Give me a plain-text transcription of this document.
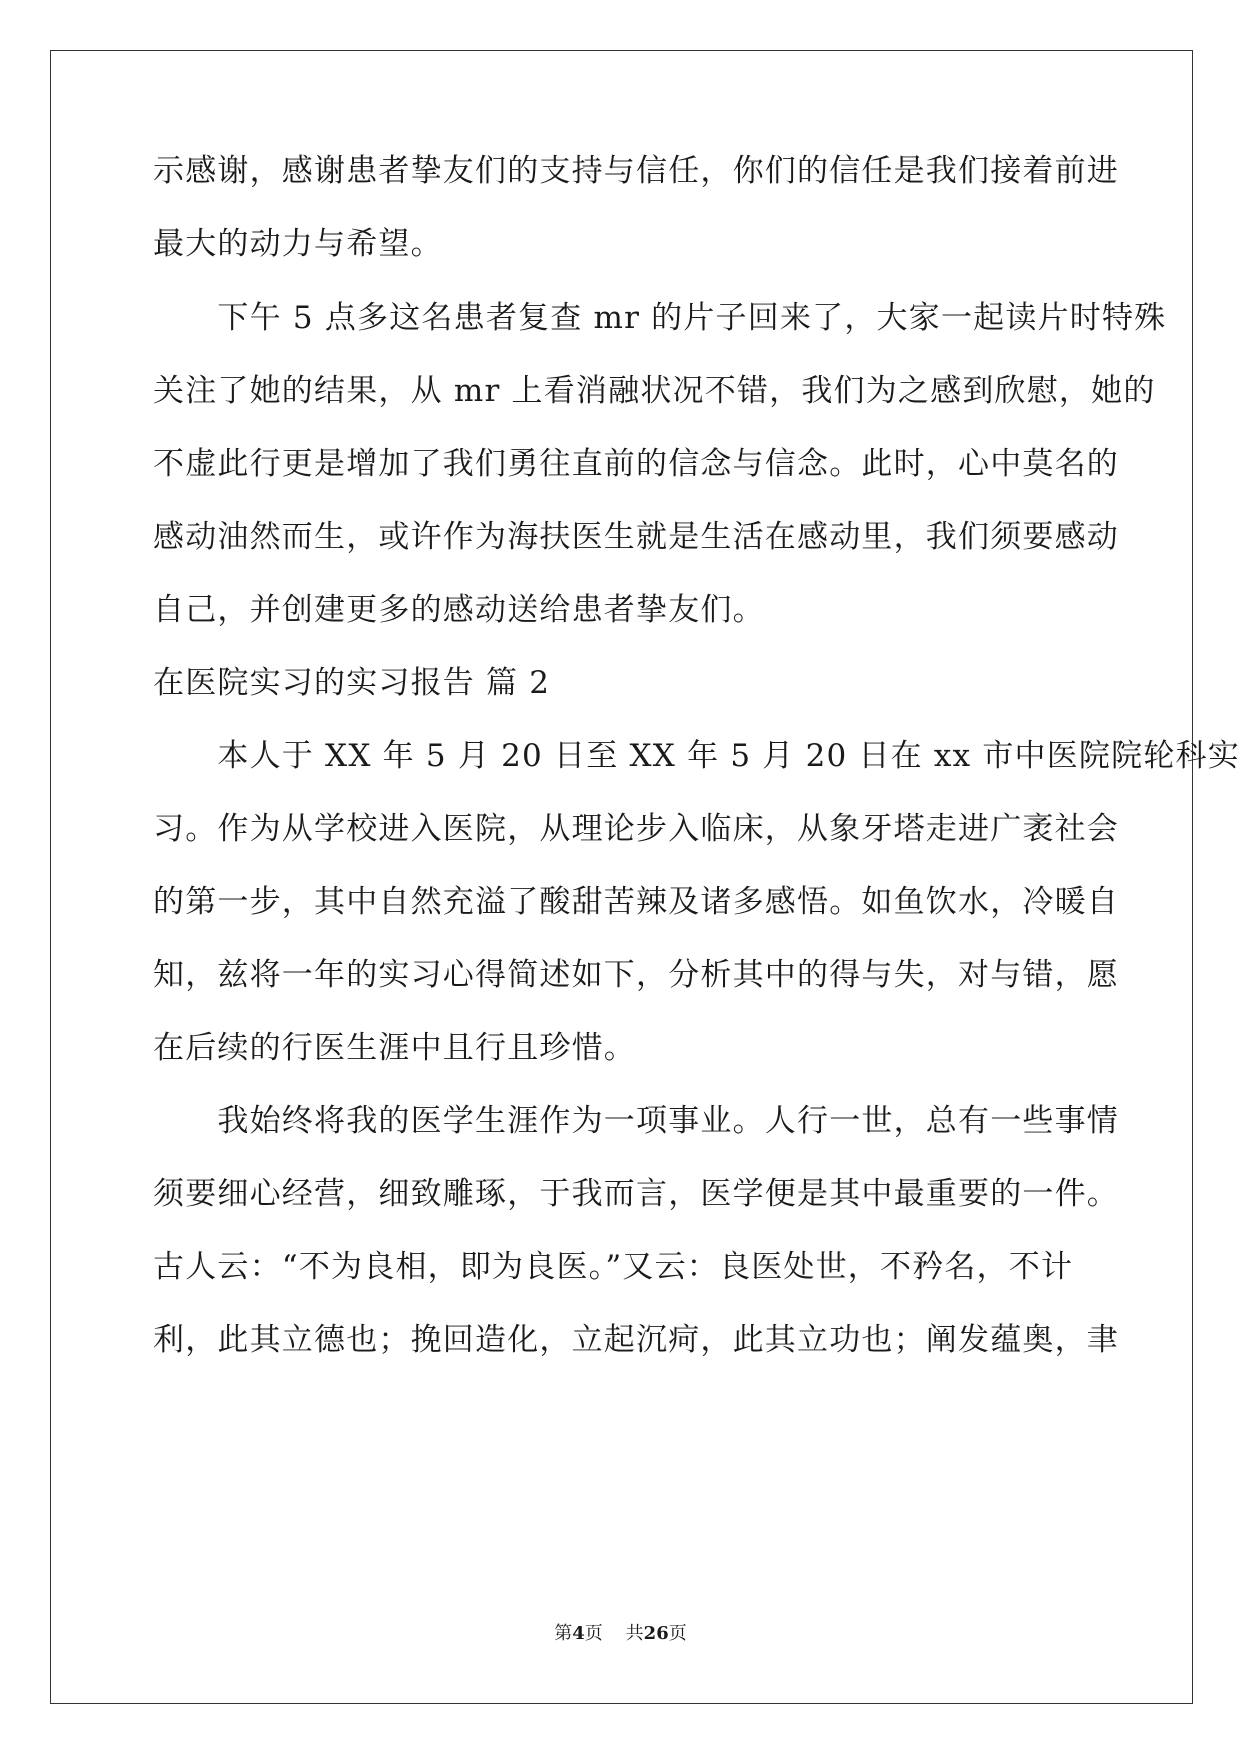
示感谢，感谢患者挚友们的支持与信任，你们的信任是我们接着前进
最大的动力与希望。
　　下午 5 点多这名患者复查 mr 的片子回来了，大家一起读片时特殊
关注了她的结果，从 mr 上看消融状况不错，我们为之感到欣慰，她的
不虚此行更是增加了我们勇往直前的信念与信念。此时，心中莫名的
感动油然而生，或许作为海扶医生就是生活在感动里，我们须要感动
自己，并创建更多的感动送给患者挚友们。
在医院实习的实习报告 篇 2
　　本人于 XX 年 5 月 20 日至 XX 年 5 月 20 日在 xx 市中医院院轮科实
习。作为从学校进入医院，从理论步入临床，从象牙塔走进广袤社会
的第一步，其中自然充溢了酸甜苦辣及诸多感悟。如鱼饮水，冷暖自
知，兹将一年的实习心得简述如下，分析其中的得与失，对与错，愿
在后续的行医生涯中且行且珍惜。
　　我始终将我的医学生涯作为一项事业。人行一世，总有一些事情
须要细心经营，细致雕琢，于我而言，医学便是其中最重要的一件。
古人云：“不为良相，即为良医。”又云：良医处世，不矜名，不计
利，此其立德也；挽回造化，立起沉疴，此其立功也；阐发蕴奥，聿
第4页 共26页
